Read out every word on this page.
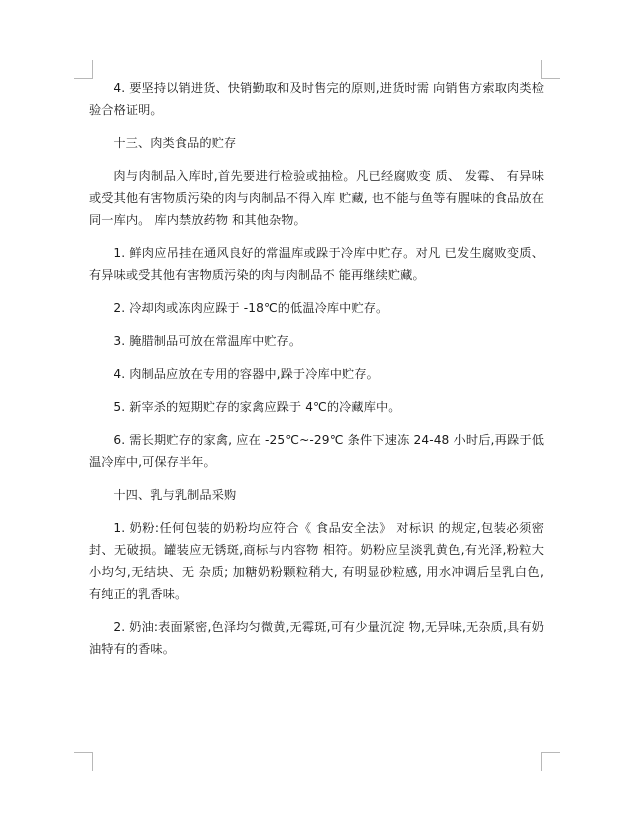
4. 要坚持以销进货、快销勤取和及时售完的原则,进货时需 向销售方索取肉类检验合格证明。

十三、肉类食品的贮存

肉与肉制品入库时,首先要进行检验或抽检。凡已经腐败变 质、 发霉、 有异味或受其他有害物质污染的肉与肉制品不得入库 贮藏, 也不能与鱼等有腥味的食品放在同一库内。 库内禁放药物 和其他杂物。

1. 鲜肉应吊挂在通风良好的常温库或跺于冷库中贮存。对凡 已发生腐败变质、 有异味或受其他有害物质污染的肉与肉制品不 能再继续贮藏。

2. 冷却肉或冻肉应跺于 -18℃的低温冷库中贮存。

3. 腌腊制品可放在常温库中贮存。

4. 肉制品应放在专用的容器中,跺于冷库中贮存。

5. 新宰杀的短期贮存的家禽应跺于 4℃的冷藏库中。

6. 需长期贮存的家禽, 应在 -25℃~-29℃ 条件下速冻 24-48 小时后,再跺于低温冷库中,可保存半年。

十四、乳与乳制品采购

1. 奶粉:任何包装的奶粉均应符合《 食品安全法》 对标识 的规定,包装必须密封、无破损。罐装应无锈斑,商标与内容物 相符。奶粉应呈淡乳黄色,有光泽,粉粒大小均匀,无结块、无 杂质; 加糖奶粉颗粒稍大, 有明显砂粒感, 用水冲调后呈乳白色, 有纯正的乳香味。

2. 奶油:表面紧密,色泽均匀微黄,无霉斑,可有少量沉淀 物,无异味,无杂质,具有奶油特有的香味。
